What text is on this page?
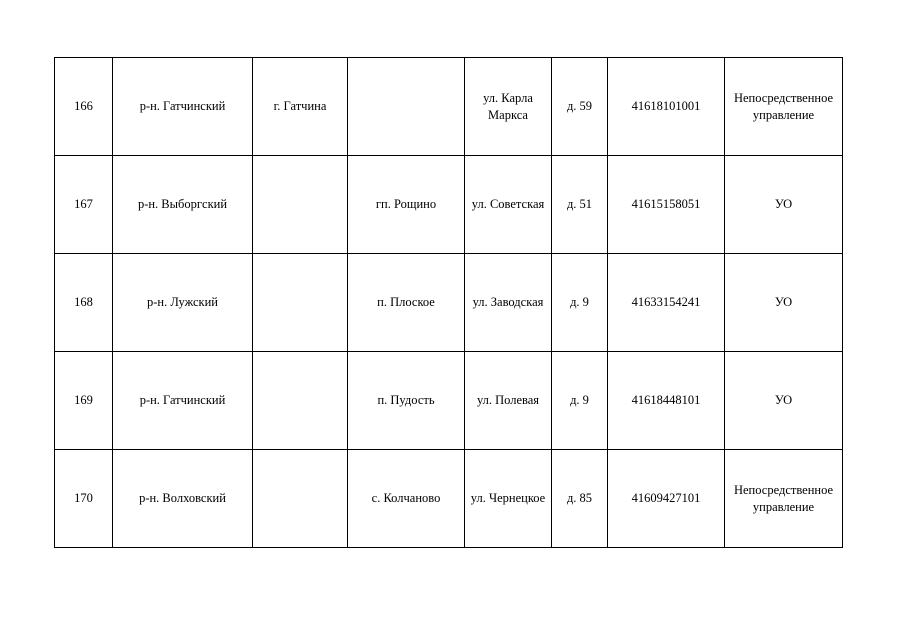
166	р-н. Гатчинский	г. Гатчина		ул. Карла Маркса	д. 59	41618101001	Непосредственное управление
167	р-н. Выборгский		гп. Рощино	ул. Советская	д. 51	41615158051	УО
168	р-н. Лужский		п. Плоское	ул. Заводская	д. 9	41633154241	УО
169	р-н. Гатчинский		п. Пудость	ул. Полевая	д. 9	41618448101	УО
170	р-н. Волховский		с. Колчаново	ул. Чернецкое	д. 85	41609427101	Непосредственное управление
